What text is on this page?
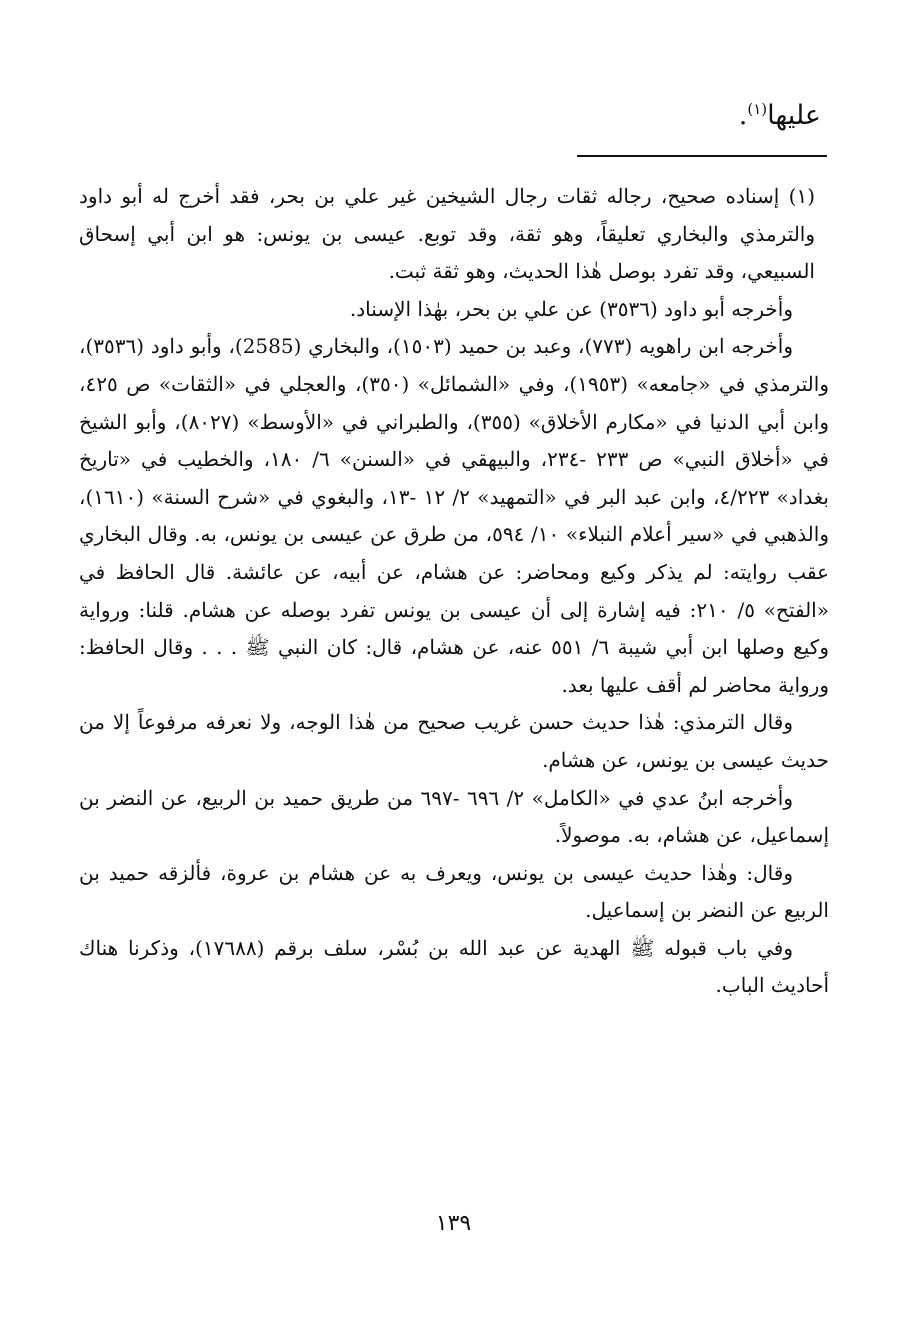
عليها$^{(١)}$.

(١) إسناده صحيح، رجاله ثقات رجال الشيخين غير علي بن بحر، فقد أخرج له أبو داود والترمذي والبخاري تعليقاً، وهو ثقة، وقد توبع. عيسى بن يونس: هو ابن أبي إسحاق السبيعي، وقد تفرد بوصل هٰذا الحديث، وهو ثقة ثبت.

وأخرجه أبو داود (٣٥٣٦) عن علي بن بحر، بهٰذا الإسناد.

وأخرجه ابن راهويه (٧٧٣)، وعبد بن حميد (١٥٠٣)، والبخاري (2585)، وأبو داود (٣٥٣٦)، والترمذي في «جامعه» (١٩٥٣)، وفي «الشمائل» (٣٥٠)، والعجلي في «الثقات» ص ٤٢٥، وابن أبي الدنيا في «مكارم الأخلاق» (٣٥٥)، والطبراني في «الأوسط» (٨٠٢٧)، وأبو الشيخ في «أخلاق النبي» ص ٢٣٣ -٢٣٤، والبيهقي في «السنن» ٦/ ١٨٠، والخطيب في «تاريخ بغداد» ٤/٢٢٣، وابن عبد البر في «التمهيد» ٢/ ١٢ -١٣، والبغوي في «شرح السنة» (١٦١٠)، والذهبي في «سير أعلام النبلاء» ١٠/ ٥٩٤، من طرق عن عيسى بن يونس، به. وقال البخاري عقب روايته: لم يذكر وكيع ومحاضر: عن هشام، عن أبيه، عن عائشة. قال الحافظ في «الفتح» ٥/ ٢١٠: فيه إشارة إلى أن عيسى بن يونس تفرد بوصله عن هشام. قلنا: ورواية وكيع وصلها ابن أبي شيبة ٦/ ٥٥١ عنه، عن هشام، قال: كان النبي ﷺ . . . وقال الحافظ: ورواية محاضر لم أقف عليها بعد.

وقال الترمذي: هٰذا حديث حسن غريب صحيح من هٰذا الوجه، ولا نعرفه مرفوعاً إلا من حديث عيسى بن يونس، عن هشام.

وأخرجه ابنُ عدي في «الكامل» ٢/ ٦٩٦ -٦٩٧ من طريق حميد بن الربيع، عن النضر بن إسماعيل، عن هشام، به. موصولاً.

وقال: وهٰذا حديث عيسى بن يونس، ويعرف به عن هشام بن عروة، فألزقه حميد بن الربيع عن النضر بن إسماعيل.

وفي باب قبوله ﷺ الهدية عن عبد الله بن بُسْر، سلف برقم (١٧٦٨٨)، وذكرنا هناك أحاديث الباب.

١٣٩
